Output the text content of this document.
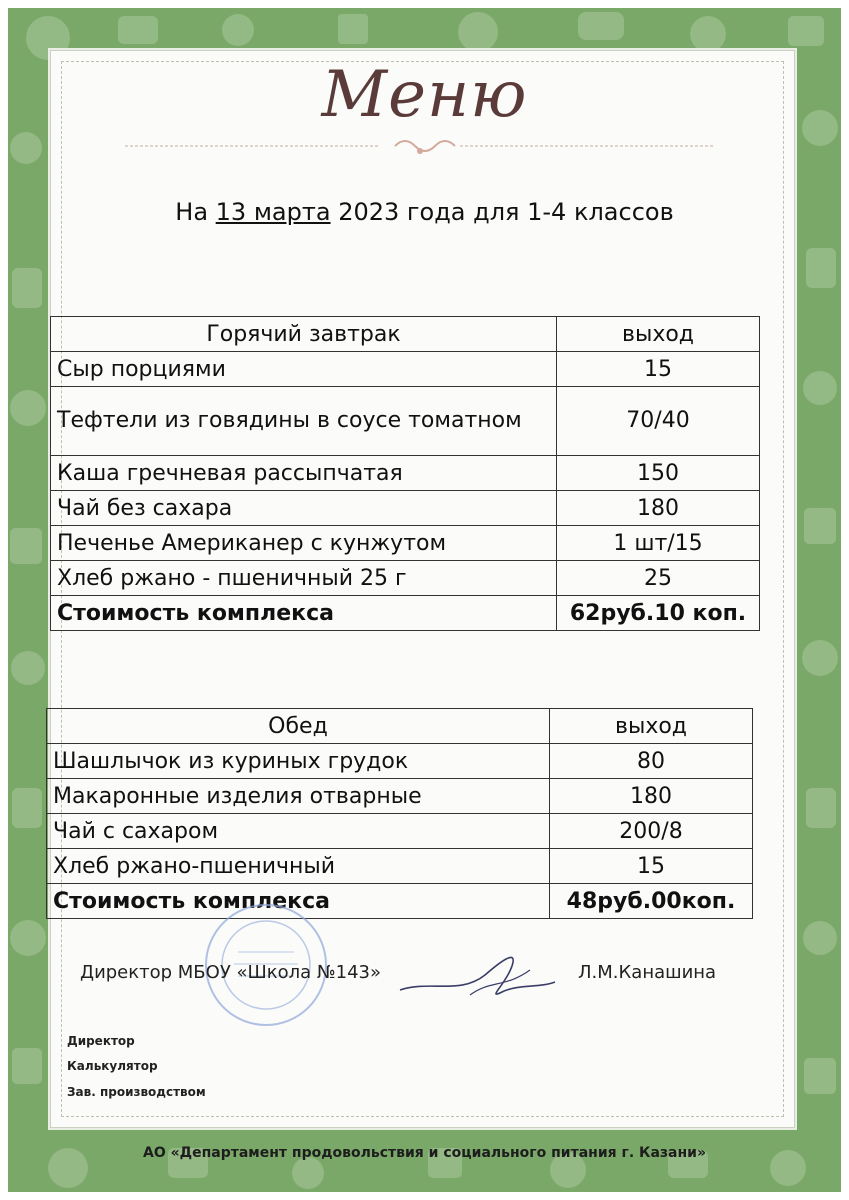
Меню
На 13 марта 2023 года для 1-4 классов
Горячий завтрак	выход
Сыр порциями	15
Тефтели из говядины в соусе томатном	70/40
Каша гречневая рассыпчатая	150
Чай без сахара	180
Печенье Американер с кунжутом	1 шт/15
Хлеб ржано - пшеничный 25 г	25
Стоимость комплекса	62руб.10 коп.
Обед	выход
Шашлычок из куриных грудок	80
Макаронные изделия отварные	180
Чай с сахаром	200/8
Хлеб ржано-пшеничный	15
Стоимость комплекса	48руб.00коп.
Директор МБОУ «Школа №143»	Л.М.Канашина
Директор
Калькулятор
Зав. производством
АО «Департамент продовольствия и социального питания г. Казани»
